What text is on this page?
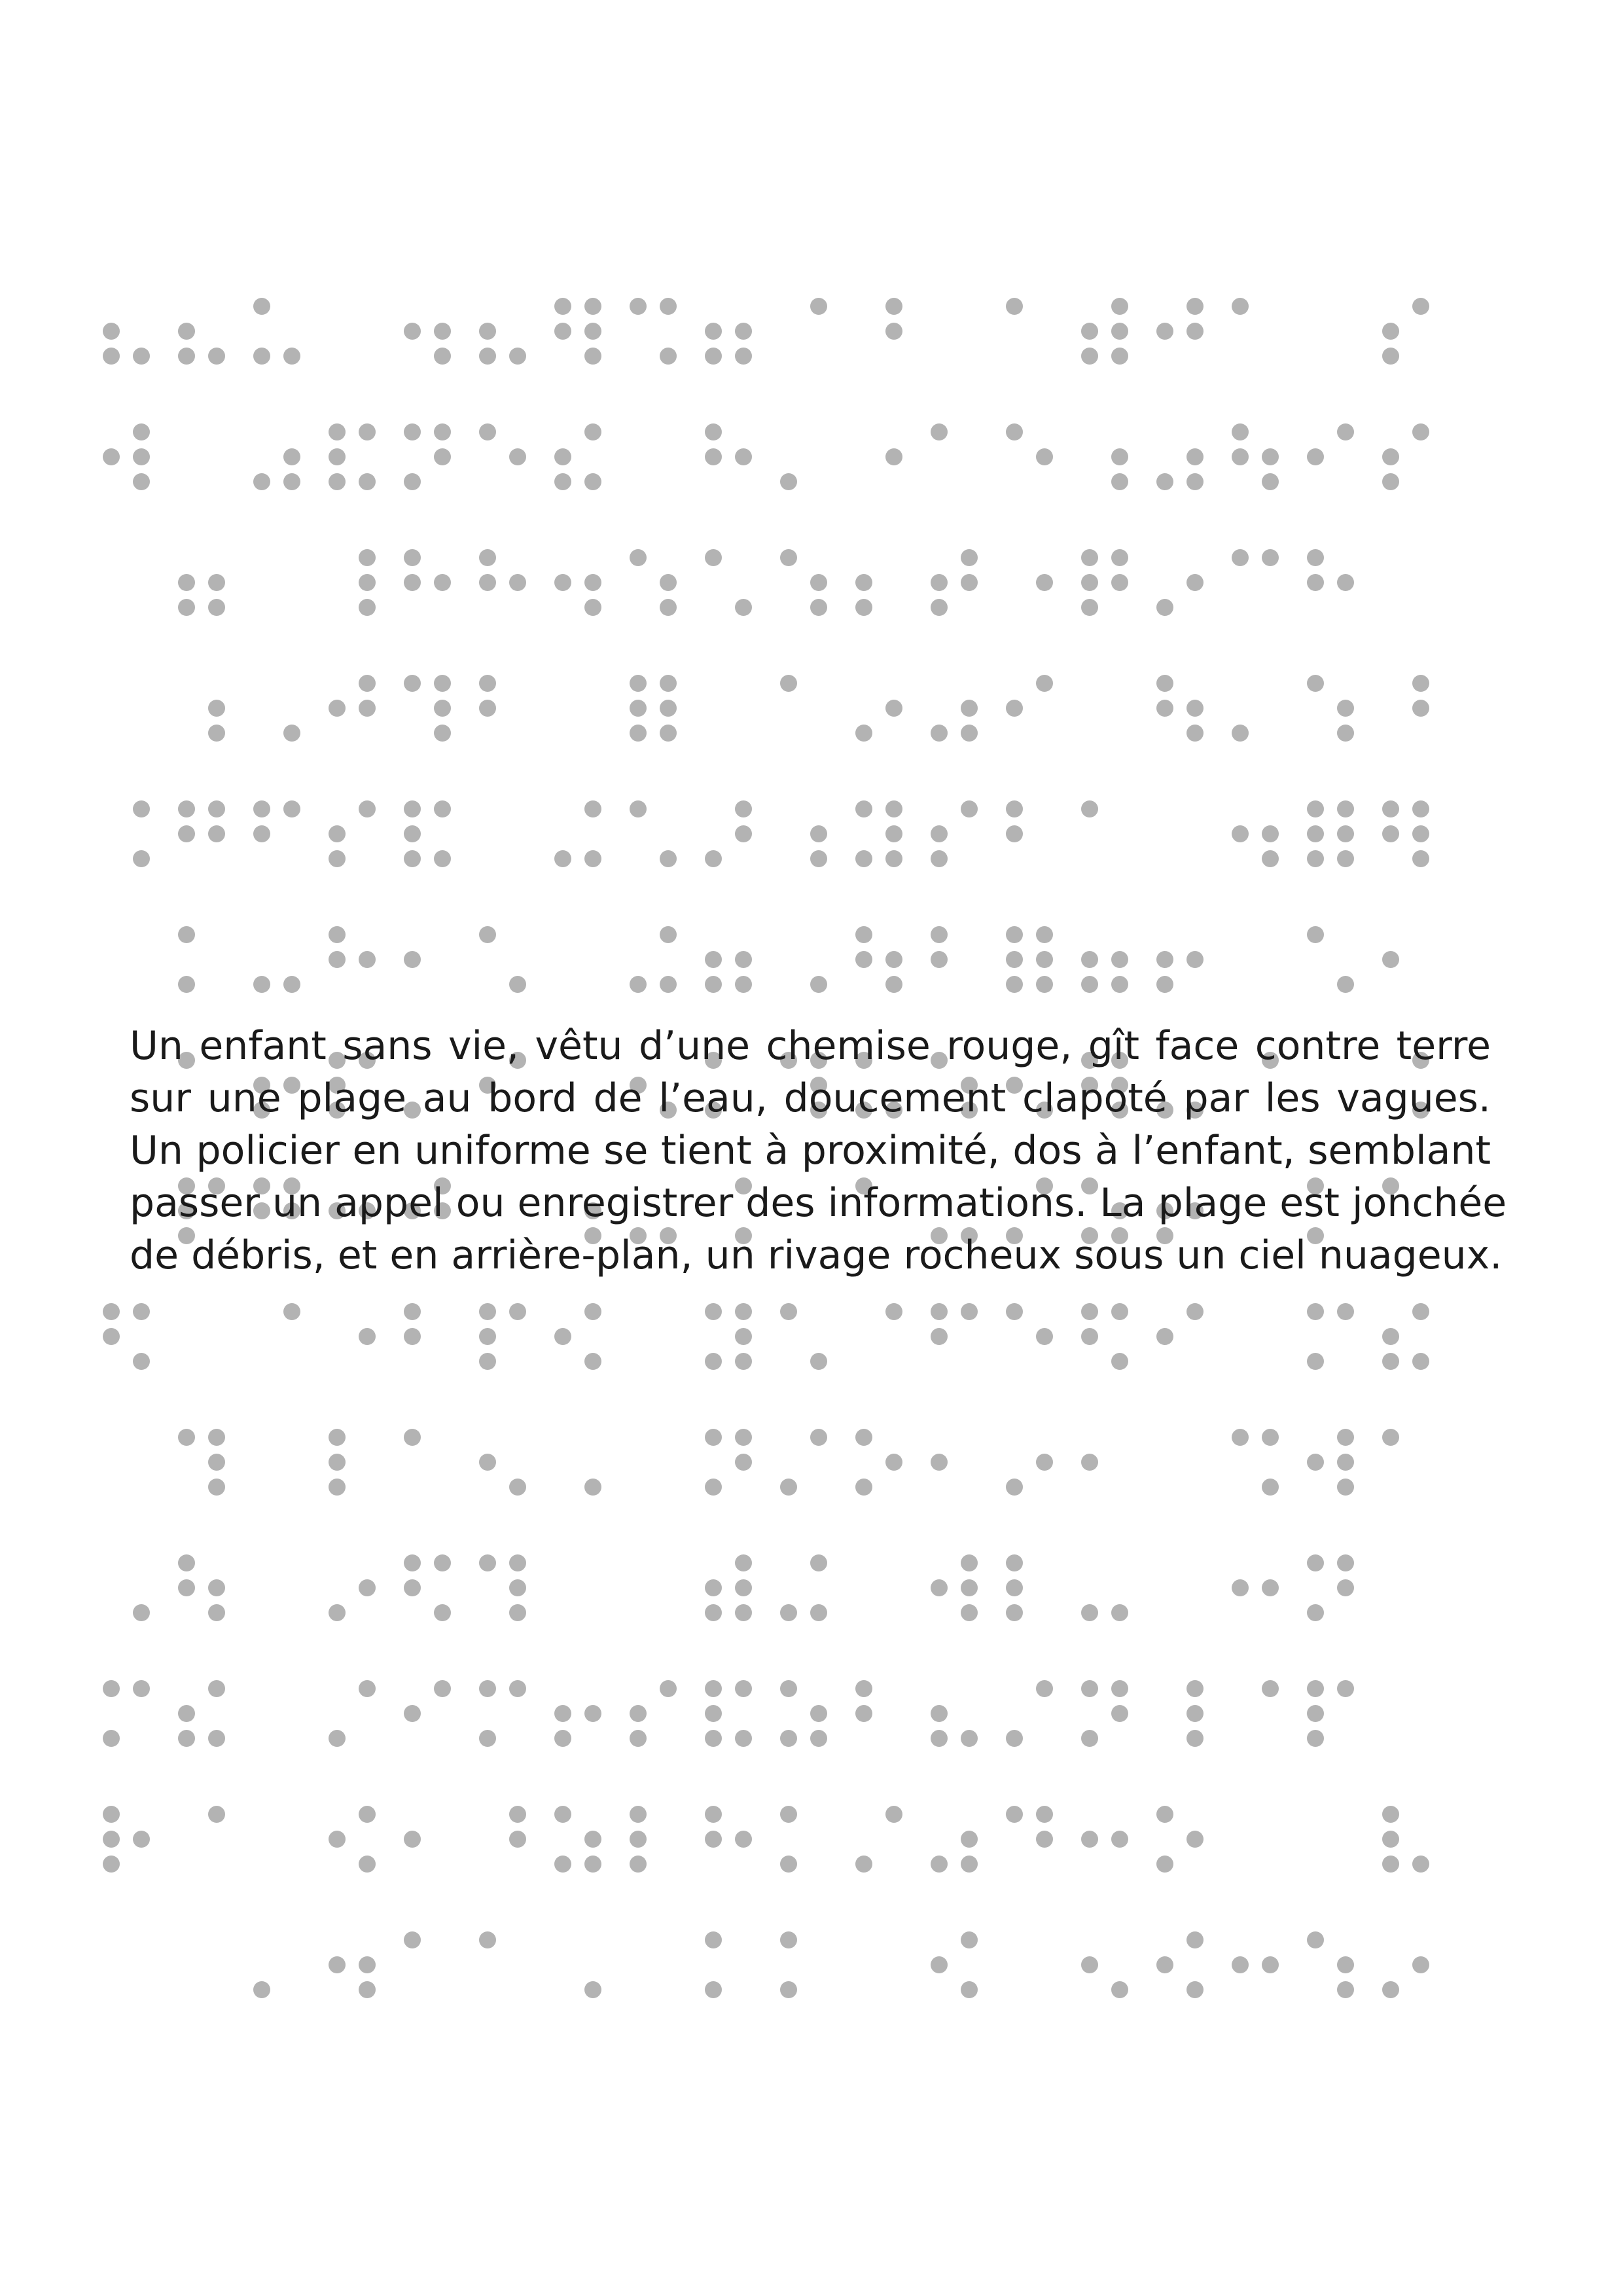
Un enfant sans vie, vêtu d’une chemise rouge, gît face contre terre
sur une plage au bord de l’eau, doucement clapoté par les vagues.
Un policier en uniforme se tient à proximité, dos à l’enfant, semblant
passer un appel ou enregistrer des informations. La plage est jonchée
de débris, et en arrière-plan, un rivage rocheux sous un ciel nuageux.
